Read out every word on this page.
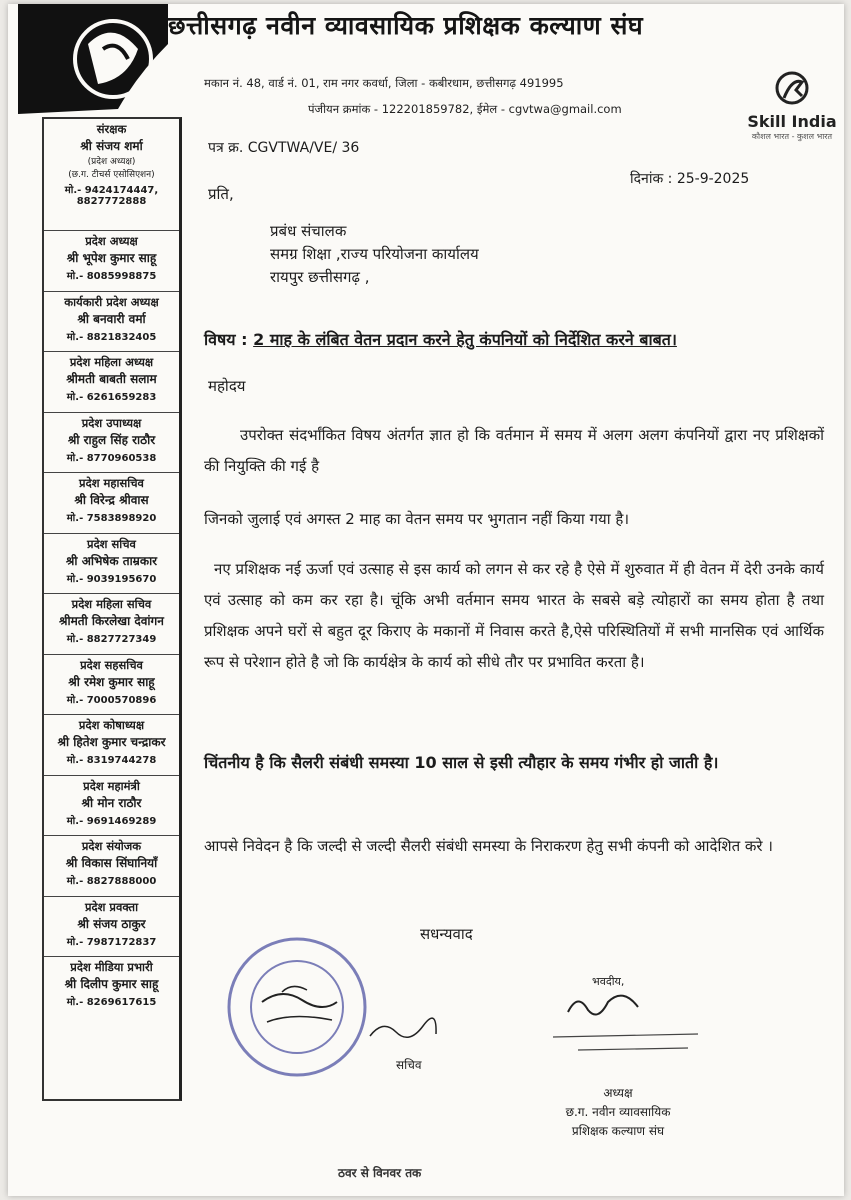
छत्तीसगढ़ नवीन व्यावसायिक प्रशिक्षक कल्याण संघ
मकान नं. 48, वार्ड नं. 01, राम नगर कवर्धा, जिला - कबीरधाम, छत्तीसगढ़ 491995
पंजीयन क्रमांक - 122201859782, ईमेल - cgvtwa@gmail.com
Skill India
कौशल भारत - कुशल भारत
संरक्षक
श्री संजय शर्मा
(प्रदेश अध्यक्ष)
(छ.ग. टीचर्स एसोसिएशन)
मो.- 9424174447, 8827772888
प्रदेश अध्यक्ष
श्री भूपेश कुमार साहू
मो.- 8085998875
कार्यकारी प्रदेश अध्यक्ष
श्री बनवारी वर्मा
मो.- 8821832405
प्रदेश महिला अध्यक्ष
श्रीमती बाबती सलाम
मो.- 6261659283
प्रदेश उपाध्यक्ष
श्री राहुल सिंह राठौर
मो.- 8770960538
प्रदेश महासचिव
श्री विरेन्द्र श्रीवास
मो.- 7583898920
प्रदेश सचिव
श्री अभिषेक ताम्रकार
मो.- 9039195670
प्रदेश महिला सचिव
श्रीमती किरलेखा देवांगन
मो.- 8827727349
प्रदेश सहसचिव
श्री रमेश कुमार साहू
मो.- 7000570896
प्रदेश कोषाध्यक्ष
श्री हितेश कुमार चन्द्राकर
मो.- 8319744278
प्रदेश महामंत्री
श्री मोन राठौर
मो.- 9691469289
प्रदेश संयोजक
श्री विकास सिंघानियाँ
मो.- 8827888000
प्रदेश प्रवक्ता
श्री संजय ठाकुर
मो.- 7987172837
प्रदेश मीडिया प्रभारी
श्री दिलीप कुमार साहू
मो.- 8269617615
पत्र क्र. CGVTWA/VE/ 36
दिनांक : 25-9-2025
प्रति,
प्रबंध संचालक
समग्र शिक्षा ,राज्य परियोजना कार्यालय
रायपुर छत्तीसगढ़ ,
विषय : 2 माह के लंबित वेतन प्रदान करने हेतु कंपनियों को निर्देशित करने बाबत।
महोदय
उपरोक्त संदर्भांकित विषय अंतर्गत ज्ञात हो कि वर्तमान में समय में अलग अलग कंपनियों द्वारा नए प्रशिक्षकों की नियुक्ति की गई है
जिनको जुलाई एवं अगस्त 2 माह का वेतन समय पर भुगतान नहीं किया गया है।
नए प्रशिक्षक नई ऊर्जा एवं उत्साह से इस कार्य को लगन से कर रहे है ऐसे में शुरुवात में ही वेतन में देरी उनके कार्य एवं उत्साह को कम कर रहा है। चूंकि अभी वर्तमान समय भारत के सबसे बड़े त्योहारों का समय होता है तथा प्रशिक्षक अपने घरों से बहुत दूर किराए के मकानों में निवास करते है,ऐसे परिस्थितियों में सभी मानसिक एवं आर्थिक रूप से परेशान होते है जो कि कार्यक्षेत्र के कार्य को सीधे तौर पर प्रभावित करता है।
चिंतनीय है कि सैलरी संबंधी समस्या 10 साल से इसी त्यौहार के समय गंभीर हो जाती है।
आपसे निवेदन है कि जल्दी से जल्दी सैलरी संबंधी समस्या के निराकरण हेतु सभी कंपनी को आदेशित करे ।
सधन्यवाद
भवदीय,
सचिव
अध्यक्ष
छ.ग. नवीन व्यावसायिक
प्रशिक्षक कल्याण संघ
ठवर से विनवर तक
